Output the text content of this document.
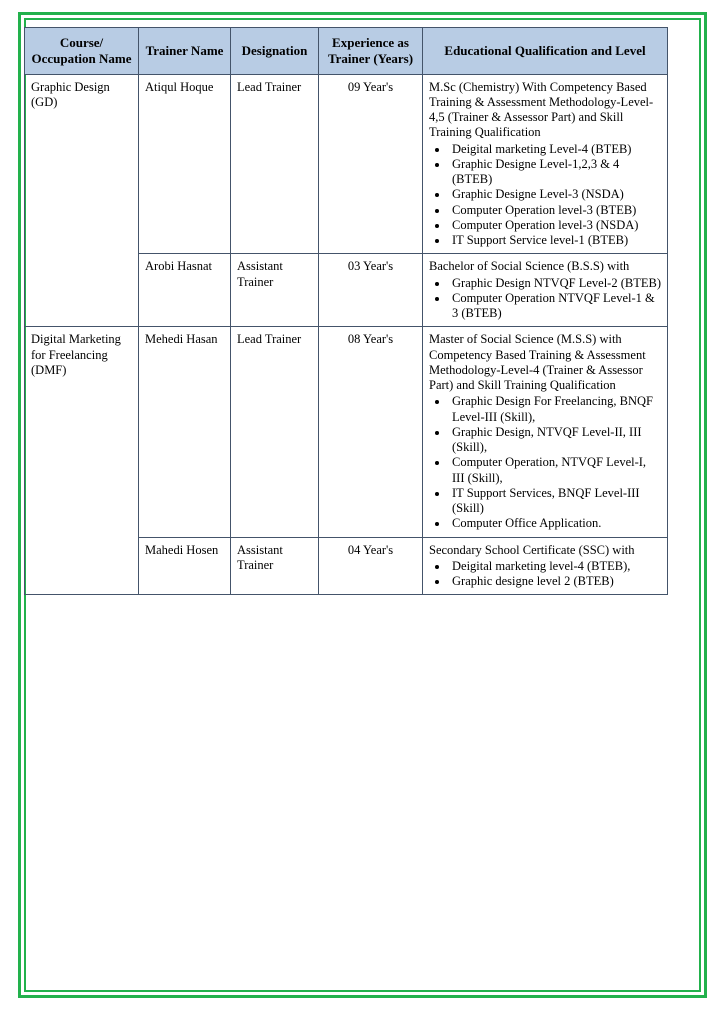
Course/ Occupation Name	Trainer Name	Designation	Experience as Trainer (Years)	Educational Qualification and Level
Graphic Design (GD)	Atiqul Hoque	Lead Trainer	09 Year's	M.Sc (Chemistry) With Competency Based Training & Assessment Methodology-Level-4,5 (Trainer & Assessor Part) and Skill Training Qualification

• Deigital marketing Level-4 (BTEB)
• Graphic Designe Level-1,2,3 & 4 (BTEB)
• Graphic Designe Level-3 (NSDA)
• Computer Operation level-3 (BTEB)
• Computer Operation level-3 (NSDA)
• IT Support Service level-1 (BTEB)

Arobi Hasnat	Assistant Trainer	03 Year's	Bachelor of Social Science (B.S.S) with

• Graphic Design NTVQF Level-2 (BTEB)
• Computer Operation NTVQF Level-1 & 3 (BTEB)

Digital Marketing for Freelancing (DMF)	Mehedi Hasan	Lead Trainer	08 Year's	Master of Social Science (M.S.S) with Competency Based Training & Assessment Methodology-Level-4 (Trainer & Assessor Part) and Skill Training Qualification

• Graphic Design For Freelancing, BNQF Level-III (Skill),
• Graphic Design, NTVQF Level-II, III (Skill),
• Computer Operation, NTVQF Level-I, III (Skill),
• IT Support Services, BNQF Level-III (Skill)
• Computer Office Application.

Mahedi Hosen	Assistant Trainer	04 Year's	Secondary School Certificate (SSC) with

• Deigital marketing level-4 (BTEB),
• Graphic designe level 2 (BTEB)
